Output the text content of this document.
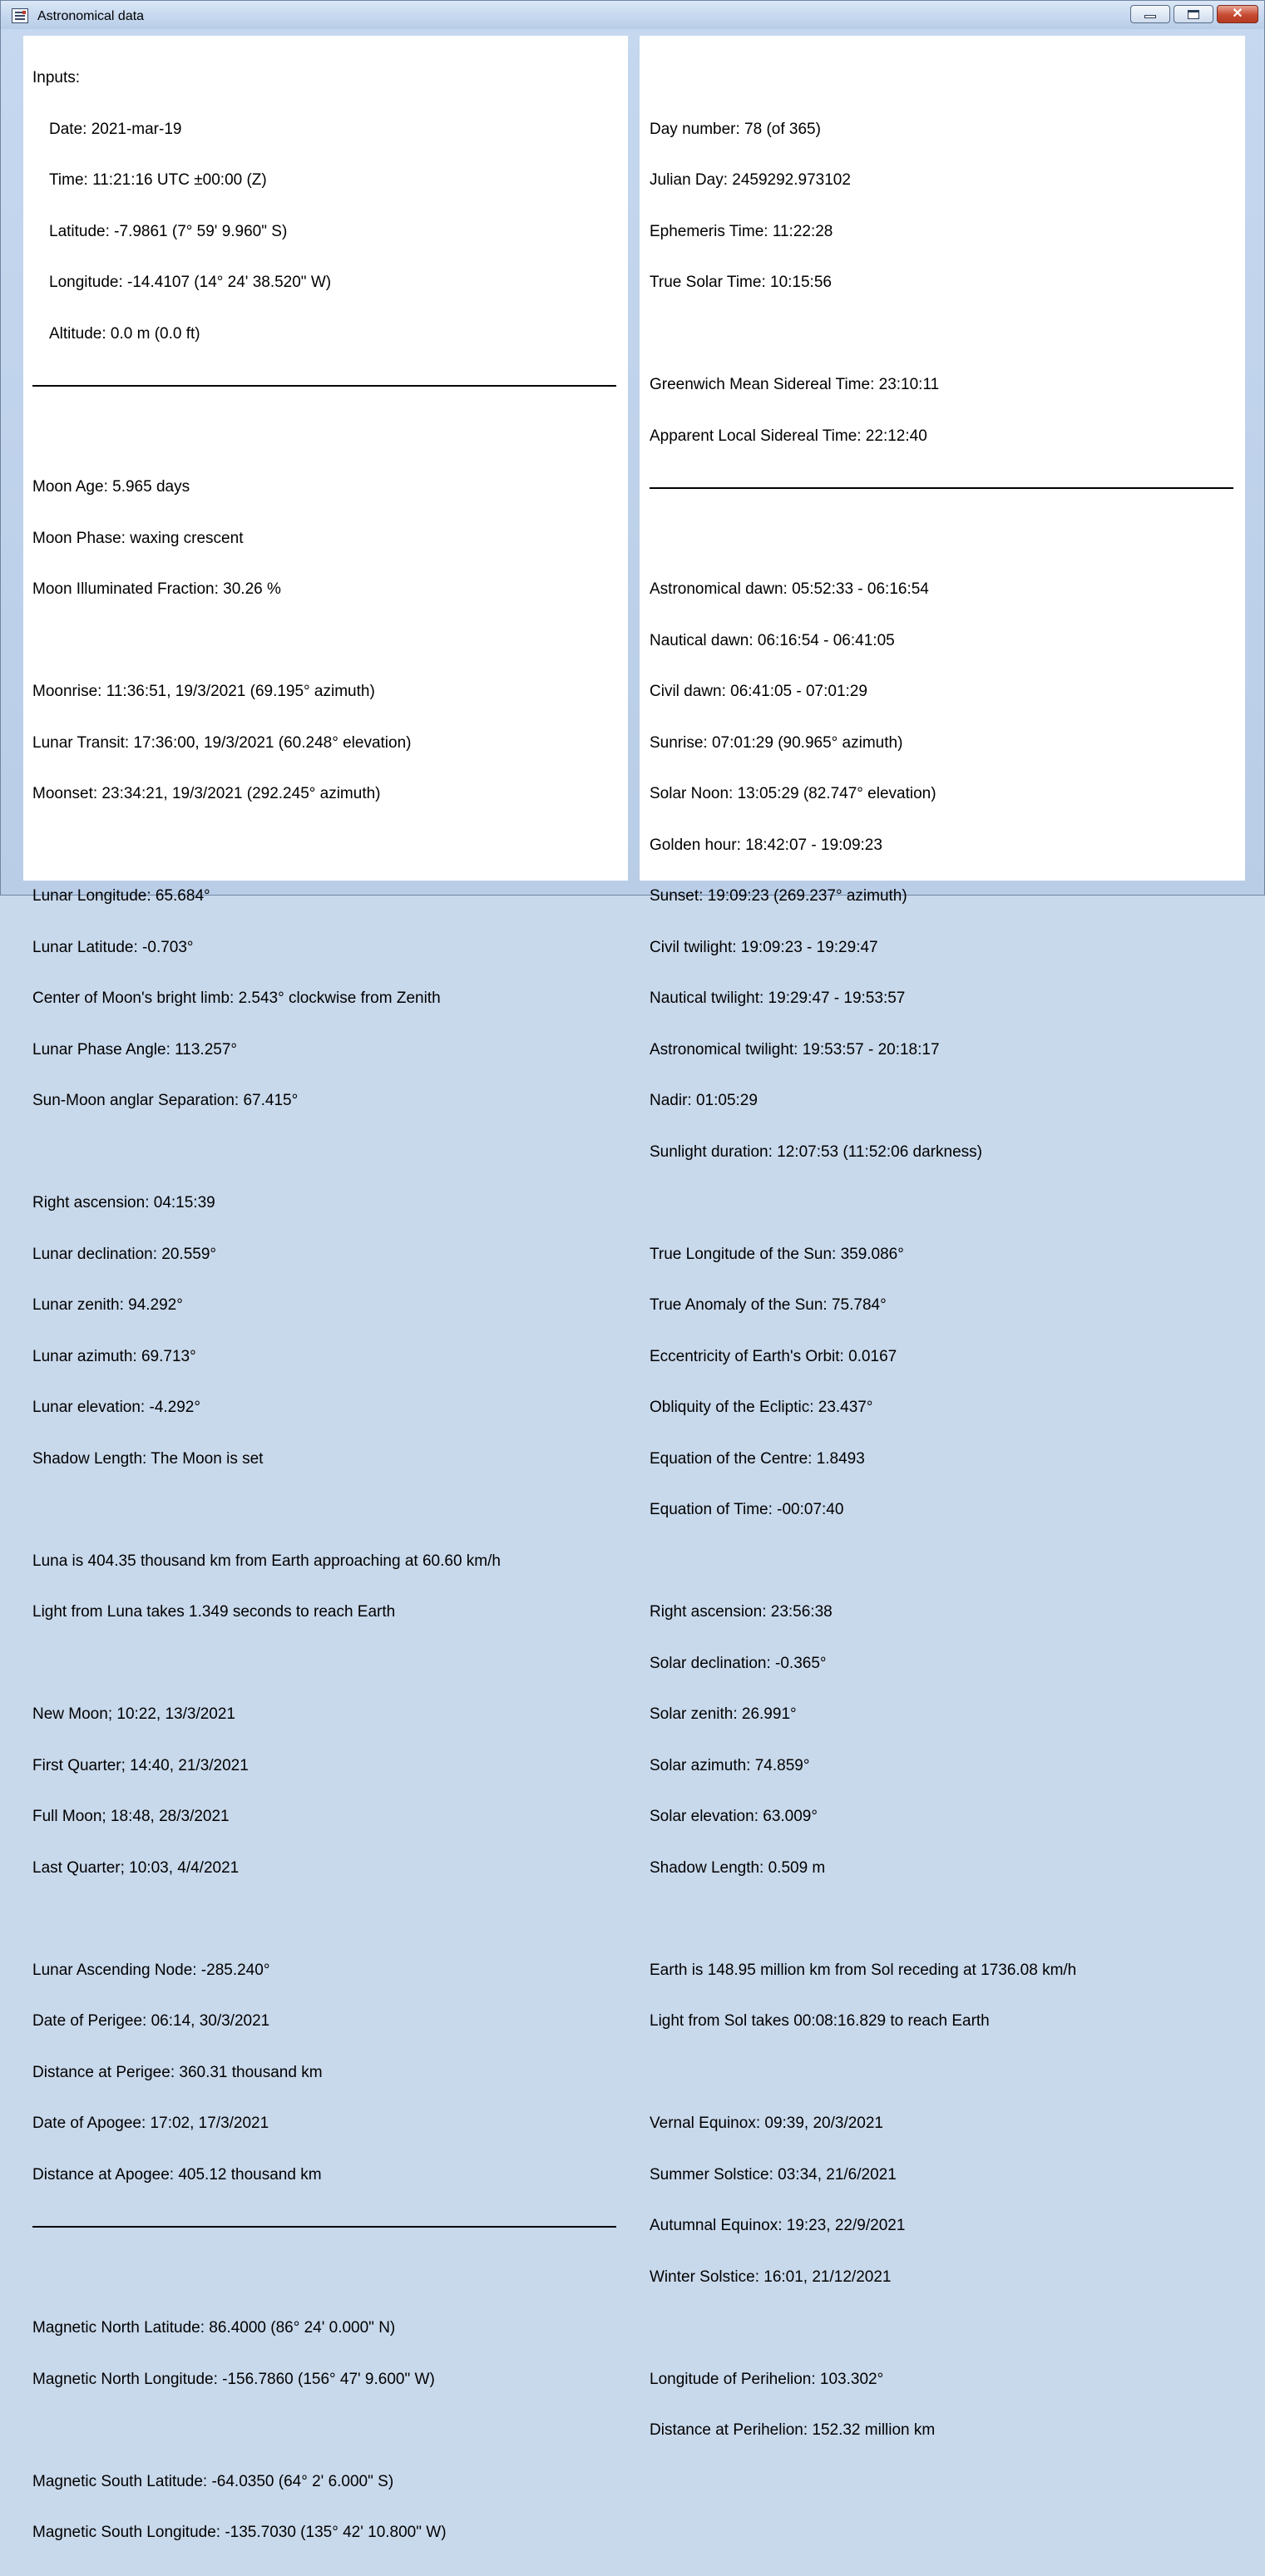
Astronomical data	✕

Inputs:

Date: 2021-mar-19

Time: 11:21:16 UTC ±00:00 (Z)

Latitude: -7.9861 (7° 59' 9.960" S)

Longitude: -14.4107 (14° 24' 38.520" W)

Altitude: 0.0 m (0.0 ft)

Moon Age: 5.965 days

Moon Phase: waxing crescent

Moon Illuminated Fraction: 30.26 %

Moonrise: 11:36:51, 19/3/2021 (69.195° azimuth)

Lunar Transit: 17:36:00, 19/3/2021 (60.248° elevation)

Moonset: 23:34:21, 19/3/2021 (292.245° azimuth)

Lunar Longitude: 65.684°

Lunar Latitude: -0.703°

Center of Moon's bright limb: 2.543° clockwise from Zenith

Lunar Phase Angle: 113.257°

Sun-Moon anglar Separation: 67.415°

Right ascension: 04:15:39

Lunar declination: 20.559°

Lunar zenith: 94.292°

Lunar azimuth: 69.713°

Lunar elevation: -4.292°

Shadow Length: The Moon is set

Luna is 404.35 thousand km from Earth approaching at 60.60 km/h

Light from Luna takes 1.349 seconds to reach Earth

New Moon; 10:22, 13/3/2021

First Quarter; 14:40, 21/3/2021

Full Moon; 18:48, 28/3/2021

Last Quarter; 10:03, 4/4/2021

Lunar Ascending Node: -285.240°

Date of Perigee: 06:14, 30/3/2021

Distance at Perigee: 360.31 thousand km

Date of Apogee: 17:02, 17/3/2021

Distance at Apogee: 405.12 thousand km

Magnetic North Latitude: 86.4000 (86° 24' 0.000" N)

Magnetic North Longitude: -156.7860 (156° 47' 9.600" W)

Magnetic South Latitude: -64.0350 (64° 2' 6.000" S)

Magnetic South Longitude: -135.7030 (135° 42' 10.800" W)

Day number: 78 (of 365)

Julian Day: 2459292.973102

Ephemeris Time: 11:22:28

True Solar Time: 10:15:56

Greenwich Mean Sidereal Time: 23:10:11

Apparent Local Sidereal Time: 22:12:40

Astronomical dawn: 05:52:33 - 06:16:54

Nautical dawn: 06:16:54 - 06:41:05

Civil dawn: 06:41:05 - 07:01:29

Sunrise: 07:01:29 (90.965° azimuth)

Solar Noon: 13:05:29 (82.747° elevation)

Golden hour: 18:42:07 - 19:09:23

Sunset: 19:09:23 (269.237° azimuth)

Civil twilight: 19:09:23 - 19:29:47

Nautical twilight: 19:29:47 - 19:53:57

Astronomical twilight: 19:53:57 - 20:18:17

Nadir: 01:05:29

Sunlight duration: 12:07:53 (11:52:06 darkness)

True Longitude of the Sun: 359.086°

True Anomaly of the Sun: 75.784°

Eccentricity of Earth's Orbit: 0.0167

Obliquity of the Ecliptic: 23.437°

Equation of the Centre: 1.8493

Equation of Time: -00:07:40

Right ascension: 23:56:38

Solar declination: -0.365°

Solar zenith: 26.991°

Solar azimuth: 74.859°

Solar elevation: 63.009°

Shadow Length: 0.509 m

Earth is 148.95 million km from Sol receding at 1736.08 km/h

Light from Sol takes 00:08:16.829 to reach Earth

Vernal Equinox: 09:39, 20/3/2021

Summer Solstice: 03:34, 21/6/2021

Autumnal Equinox: 19:23, 22/9/2021

Winter Solstice: 16:01, 21/12/2021

Longitude of Perihelion: 103.302°

Distance at Perihelion: 152.32 million km
